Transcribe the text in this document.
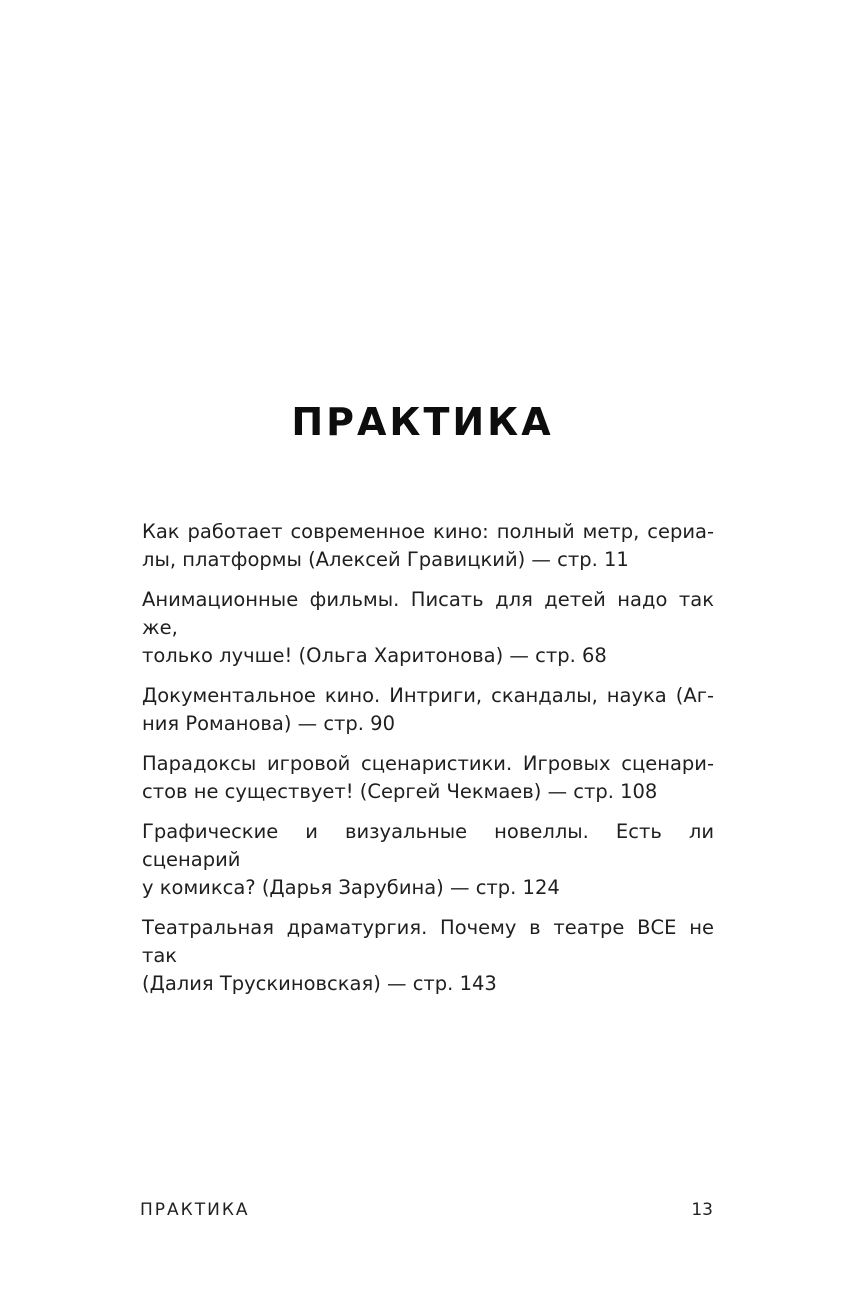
ПРАКТИКА
Как работает современное кино: полный метр, сериа-
лы, платформы (Алексей Гравицкий) — стр. 11
Анимационные фильмы. Писать для детей надо так же,
только лучше! (Ольга Харитонова) — стр. 68
Документальное кино. Интриги, скандалы, наука (Аг-
ния Романова) — стр. 90
Парадоксы игровой сценаристики. Игровых сценари-
стов не существует! (Сергей Чекмаев) — стр. 108
Графические и визуальные новеллы. Есть ли сценарий
у комикса? (Дарья Зарубина) — стр. 124
Театральная драматургия. Почему в театре ВСЕ не так
(Далия Трускиновская) — стр. 143
ПРАКТИКА	13
